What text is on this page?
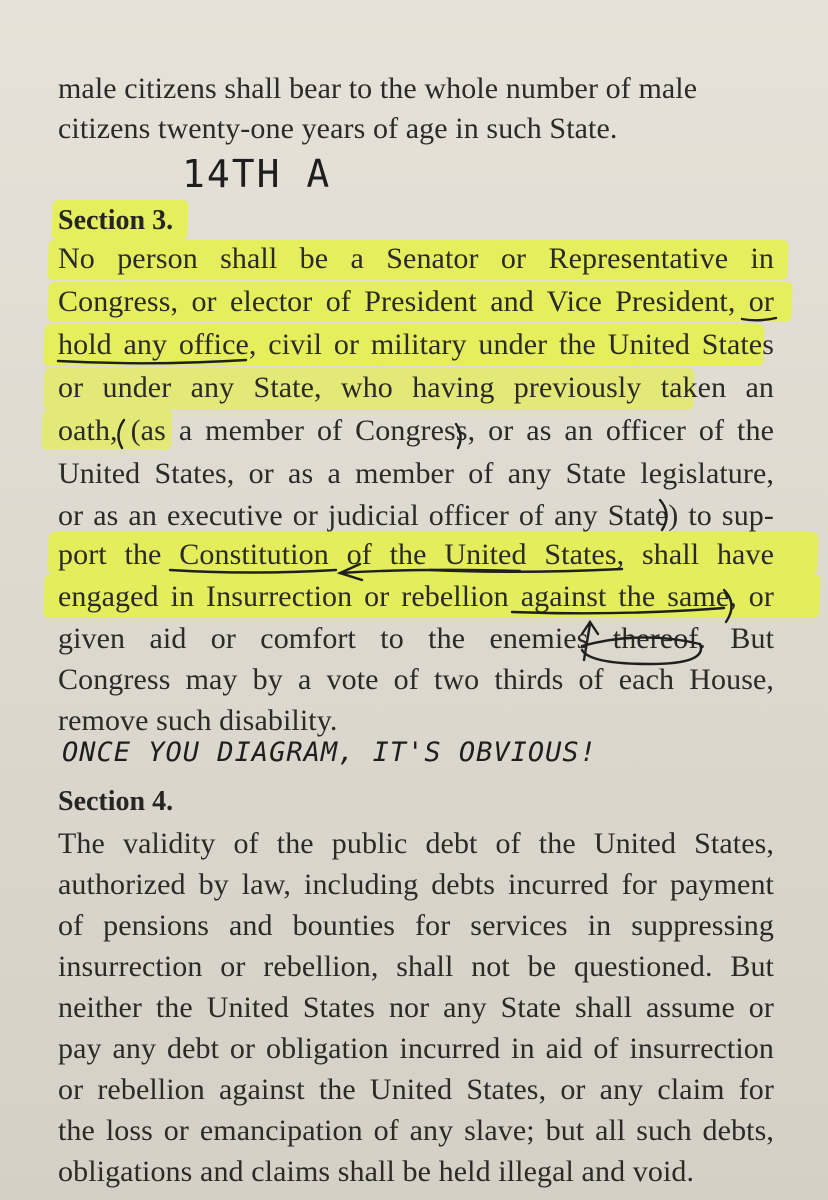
male citizens shall bear to the whole number of male
citizens twenty-one years of age in such State.
14TH A
Section 3.
No person shall be a Senator or Representative in
Congress, or elector of President and Vice President, or
hold any office, civil or military under the United States
or under any State, who having previously taken an
oath, (as a member of Congress, or as an officer of the
United States, or as a member of any State legislature,
or as an executive or judicial officer of any State) to sup-
port the Constitution of the United States, shall have
engaged in Insurrection or rebellion against the same, or
given aid or comfort to the enemies thereof. But
Congress may by a vote of two thirds of each House,
remove such disability.
ONCE YOU DIAGRAM, IT'S OBVIOUS!
Section 4.
The validity of the public debt of the United States,
authorized by law, including debts incurred for payment
of pensions and bounties for services in suppressing
insurrection or rebellion, shall not be questioned. But
neither the United States nor any State shall assume or
pay any debt or obligation incurred in aid of insurrection
or rebellion against the United States, or any claim for
the loss or emancipation of any slave; but all such debts,
obligations and claims shall be held illegal and void.
